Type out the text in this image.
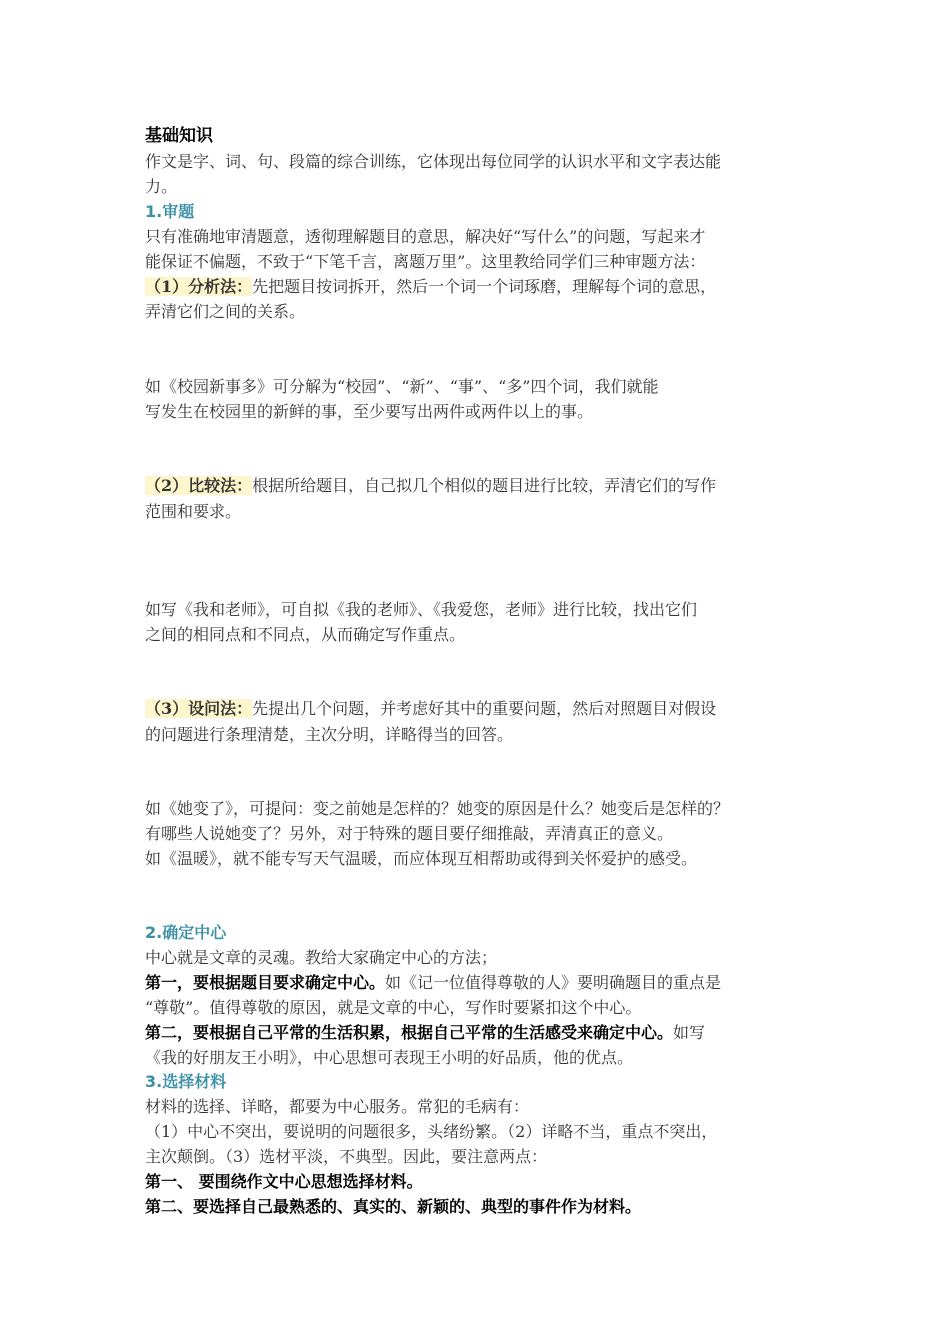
基础知识
作文是字、词、句、段篇的综合训练，它体现出每位同学的认识水平和文字表达能
力。
1.审题
只有准确地审清题意，透彻理解题目的意思，解决好“写什么”的问题，写起来才
能保证不偏题，不致于“下笔千言，离题万里”。这里教给同学们三种审题方法：
（1）分析法：先把题目按词拆开，然后一个词一个词琢磨，理解每个词的意思，
弄清它们之间的关系。
如《校园新事多》可分解为“校园”、“新”、“事”、“多”四个词，我们就能
写发生在校园里的新鲜的事，至少要写出两件或两件以上的事。
（2）比较法：根据所给题目，自己拟几个相似的题目进行比较，弄清它们的写作
范围和要求。
如写《我和老师》，可自拟《我的老师》、《我爱您，老师》进行比较，找出它们
之间的相同点和不同点，从而确定写作重点。
（3）设问法：先提出几个问题，并考虑好其中的重要问题，然后对照题目对假设
的问题进行条理清楚，主次分明，详略得当的回答。
如《她变了》，可提问：变之前她是怎样的？她变的原因是什么？她变后是怎样的？
有哪些人说她变了？另外，对于特殊的题目要仔细推敲，弄清真正的意义。
如《温暖》，就不能专写天气温暖，而应体现互相帮助或得到关怀爱护的感受。
2.确定中心
中心就是文章的灵魂。教给大家确定中心的方法；
第一，要根据题目要求确定中心。如《记一位值得尊敬的人》要明确题目的重点是
“尊敬”。值得尊敬的原因，就是文章的中心，写作时要紧扣这个中心。
第二，要根据自己平常的生活积累，根据自己平常的生活感受来确定中心。如写
《我的好朋友王小明》，中心思想可表现王小明的好品质，他的优点。
3.选择材料
材料的选择、详略，都要为中心服务。常犯的毛病有：
（1）中心不突出，要说明的问题很多，头绪纷繁。（2）详略不当，重点不突出，
主次颠倒。（3）选材平淡，不典型。因此，要注意两点：
第一、 要围绕作文中心思想选择材料。
第二、要选择自己最熟悉的、真实的、新颖的、典型的事件作为材料。
